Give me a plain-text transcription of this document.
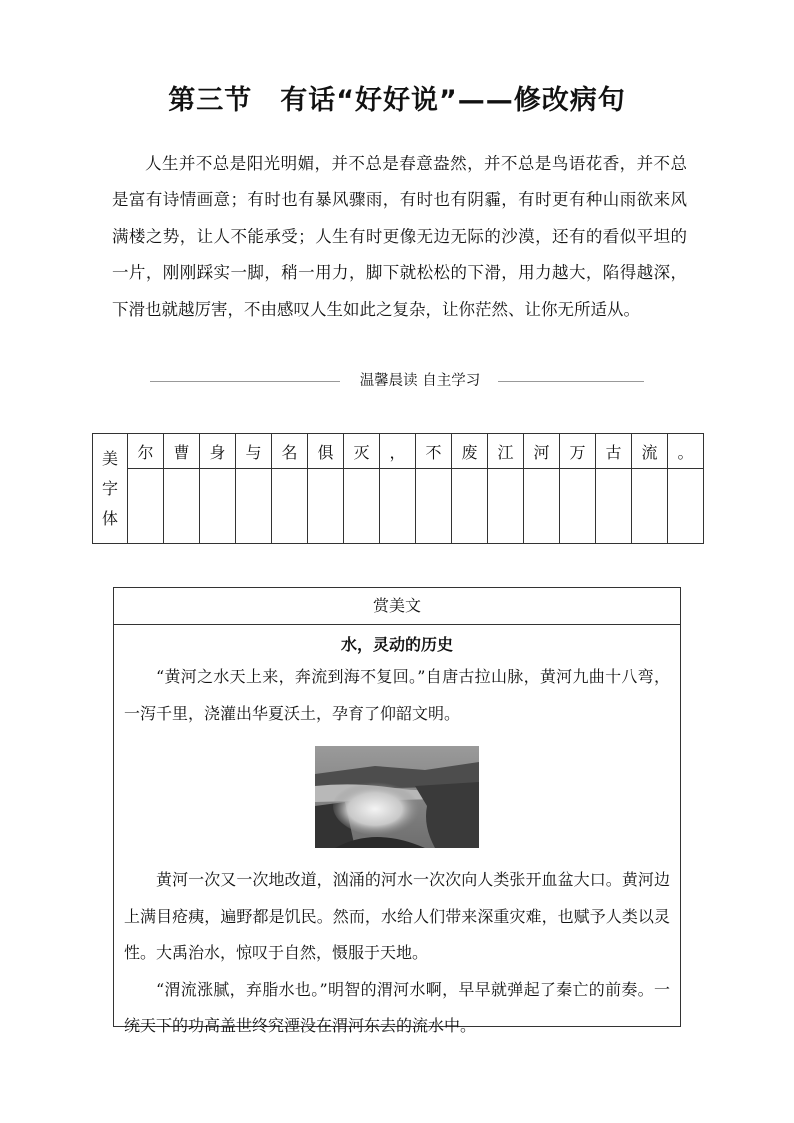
第三节　有话“好好说”——修改病句
人生并不总是阳光明媚，并不总是春意盎然，并不总是鸟语花香，并不总是富有诗情画意；有时也有暴风骤雨，有时也有阴霾，有时更有种山雨欲来风满楼之势，让人不能承受；人生有时更像无边无际的沙漠，还有的看似平坦的一片，刚刚踩实一脚，稍一用力，脚下就松松的下滑，用力越大，陷得越深，下滑也就越厉害，不由感叹人生如此之复杂，让你茫然、让你无所适从。
温馨晨读 自主学习
美
字
体	尔	曹	身	与	名	俱	灭	，	不	废	江	河	万	古	流	。

赏美文
水，灵动的历史

“黄河之水天上来，奔流到海不复回。”自唐古拉山脉，黄河九曲十八弯，一泻千里，浇灌出华夏沃土，孕育了仰韶文明。

黄河一次又一次地改道，汹涌的河水一次次向人类张开血盆大口。黄河边上满目疮痍，遍野都是饥民。然而，水给人们带来深重灾难，也赋予人类以灵性。大禹治水，惊叹于自然，慑服于天地。

“渭流涨腻，弃脂水也。”明智的渭河水啊，早早就弹起了秦亡的前奏。一统天下的功高盖世终究湮没在渭河东去的流水中。
